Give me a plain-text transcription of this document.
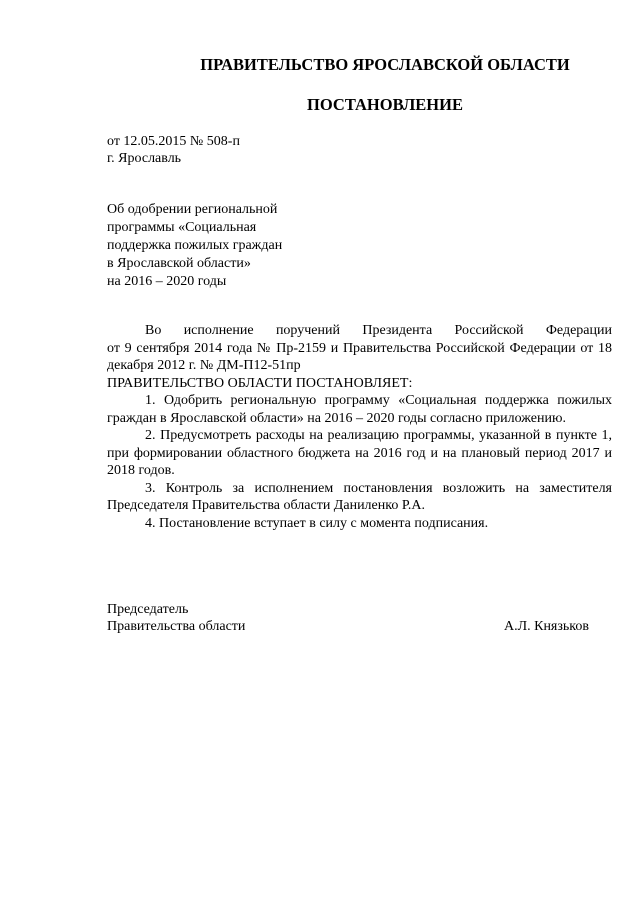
ПРАВИТЕЛЬСТВО ЯРОСЛАВСКОЙ ОБЛАСТИ
ПОСТАНОВЛЕНИЕ
от 12.05.2015 № 508-п
г. Ярославль
Об одобрении региональной
программы «Социальная
поддержка пожилых граждан
в Ярославской области»
на 2016 – 2020 годы

Во исполнение поручений Президента Российской Федерации

от 9 сентября 2014 года № Пр-2159 и Правительства Российской Федерации от 18 декабря 2012 г. № ДМ-П12-51пр

ПРАВИТЕЛЬСТВО ОБЛАСТИ ПОСТАНОВЛЯЕТ:

1. Одобрить региональную программу «Социальная поддержка пожилых граждан в Ярославской области» на 2016 – 2020 годы согласно приложению.

2. Предусмотреть расходы на реализацию программы, указанной в пункте 1, при формировании областного бюджета на 2016 год и на плановый период 2017 и 2018 годов.

3. Контроль за исполнением постановления возложить на заместителя Председателя Правительства области Даниленко Р.А.

4. Постановление вступает в силу с момента подписания.

Председатель
Правительства области	А.Л. Князьков
